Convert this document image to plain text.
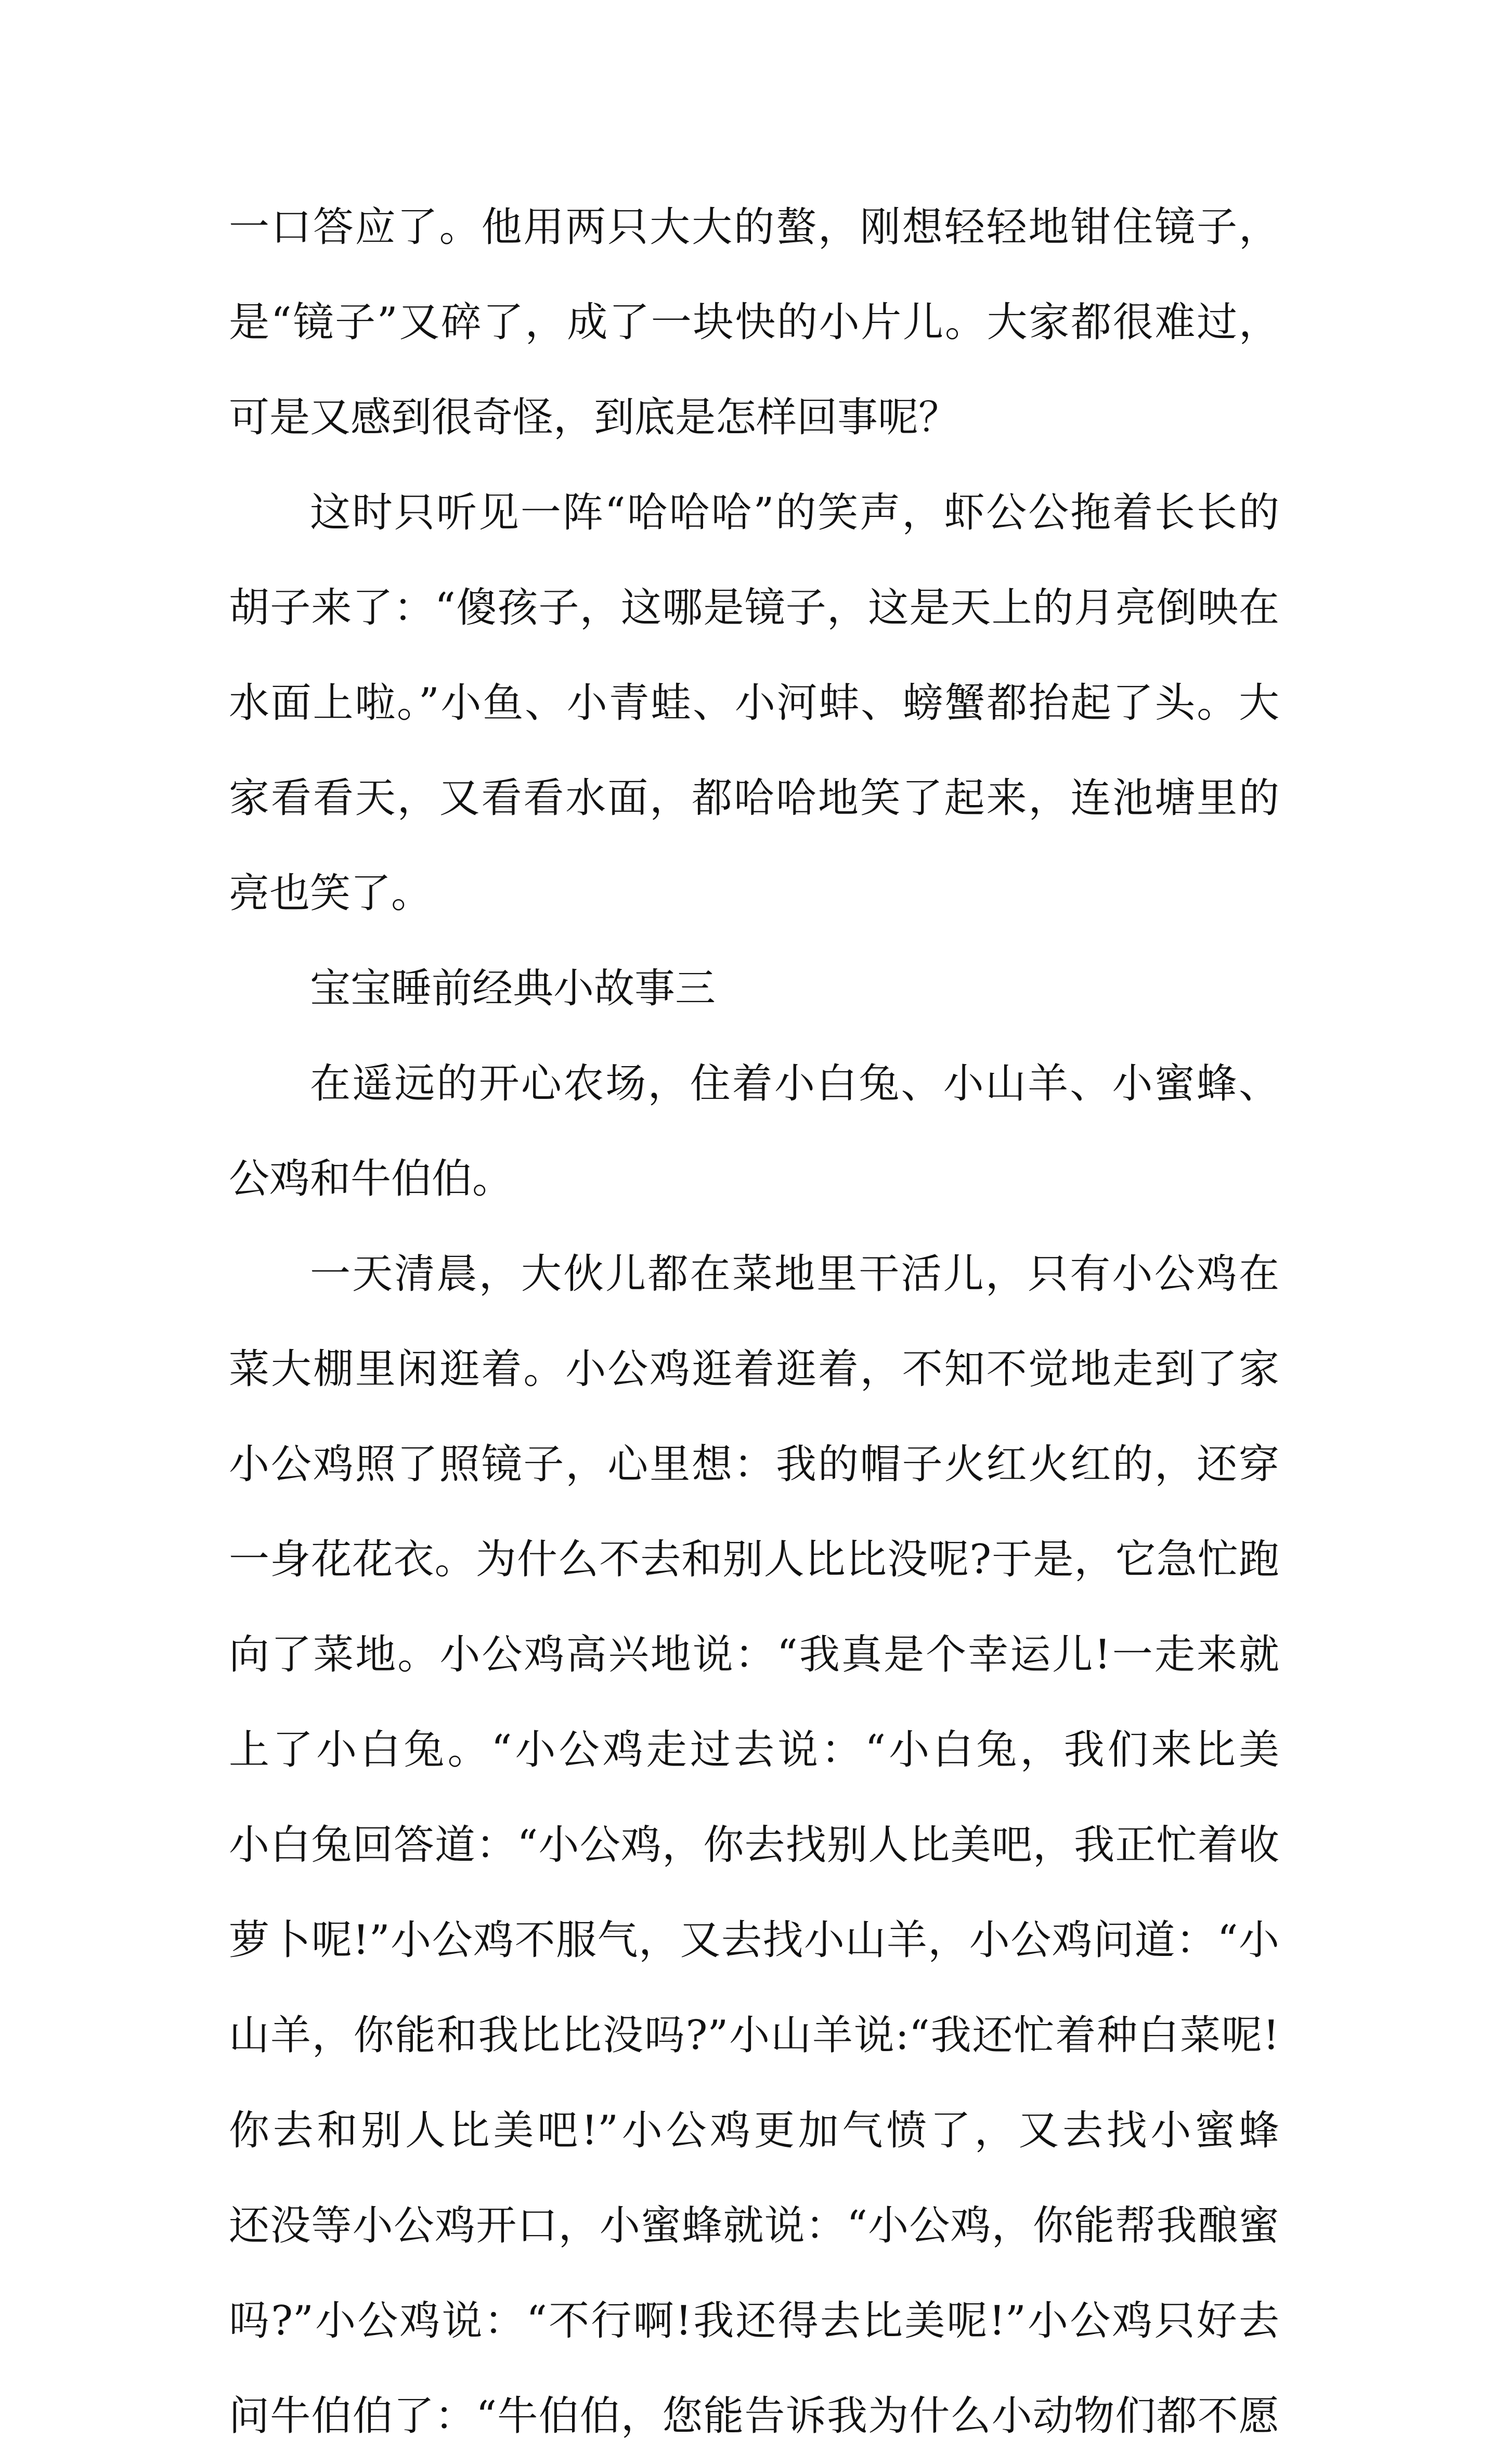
一口答应了。他用两只大大的螯，刚想轻轻地钳住镜子，
是“镜子”又碎了，成了一块快的小片儿。大家都很难过，
可是又感到很奇怪，到底是怎样回事呢？
这时只听见一阵“哈哈哈”的笑声，虾公公拖着长长的
胡子来了：“傻孩子，这哪是镜子，这是天上的月亮倒映在
水面上啦。”小鱼、小青蛙、小河蚌、螃蟹都抬起了头。大
家看看天，又看看水面，都哈哈地笑了起来，连池塘里的
亮也笑了。
宝宝睡前经典小故事三
在遥远的开心农场，住着小白兔、小山羊、小蜜蜂、
公鸡和牛伯伯。
一天清晨，大伙儿都在菜地里干活儿，只有小公鸡在
菜大棚里闲逛着。小公鸡逛着逛着，不知不觉地走到了家
小公鸡照了照镜子，心里想：我的帽子火红火红的，还穿
一身花花衣。为什么不去和别人比比没呢?于是，它急忙跑
向了菜地。小公鸡高兴地说：“我真是个幸运儿!一走来就
上了小白兔。“小公鸡走过去说：“小白兔，我们来比美
小白兔回答道：“小公鸡，你去找别人比美吧，我正忙着收
萝卜呢!”小公鸡不服气，又去找小山羊，小公鸡问道：“小
山羊，你能和我比比没吗?”小山羊说:“我还忙着种白菜呢!
你去和别人比美吧!”小公鸡更加气愤了，又去找小蜜蜂
还没等小公鸡开口，小蜜蜂就说：“小公鸡，你能帮我酿蜜
吗?”小公鸡说：“不行啊!我还得去比美呢!”小公鸡只好去
问牛伯伯了：“牛伯伯，您能告诉我为什么小动物们都不愿
